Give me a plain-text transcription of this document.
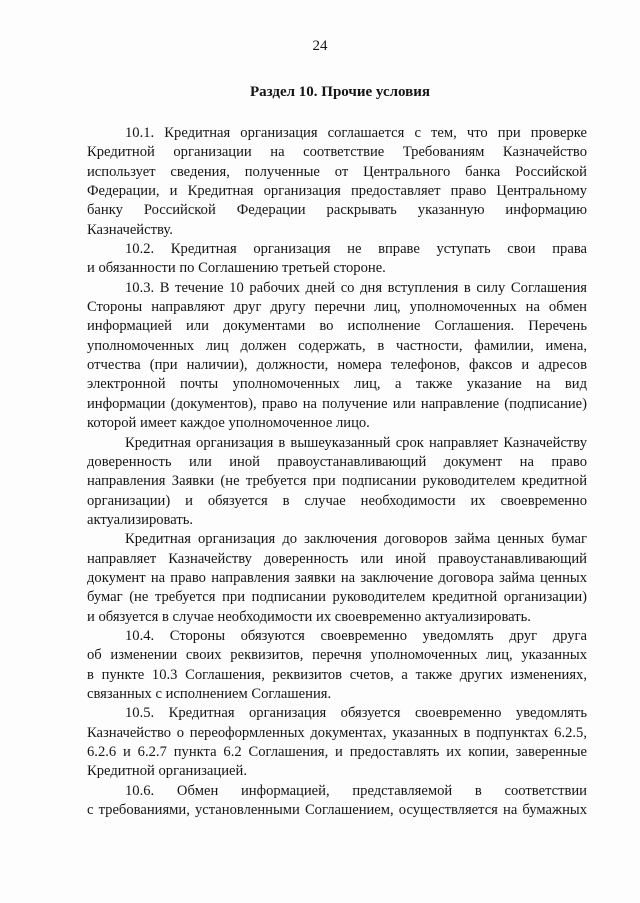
24
Раздел 10. Прочие условия
10.1. Кредитная организация соглашается с тем, что при проверке
Кредитной организации на соответствие Требованиям Казначейство
использует сведения, полученные от Центрального банка Российской
Федерации, и Кредитная организация предоставляет право Центральному
банку Российской Федерации раскрывать указанную информацию
Казначейству.
10.2. Кредитная организация не вправе уступать свои права
и обязанности по Соглашению третьей стороне.
10.3. В течение 10 рабочих дней со дня вступления в силу Соглашения
Стороны направляют друг другу перечни лиц, уполномоченных на обмен
информацией или документами во исполнение Соглашения. Перечень
уполномоченных лиц должен содержать, в частности, фамилии, имена,
отчества (при наличии), должности, номера телефонов, факсов и адресов
электронной почты уполномоченных лиц, а также указание на вид
информации (документов), право на получение или направление (подписание)
которой имеет каждое уполномоченное лицо.
Кредитная организация в вышеуказанный срок направляет Казначейству
доверенность или иной правоустанавливающий документ на право
направления Заявки (не требуется при подписании руководителем кредитной
организации) и обязуется в случае необходимости их своевременно
актуализировать.
Кредитная организация до заключения договоров займа ценных бумаг
направляет Казначейству доверенность или иной правоустанавливающий
документ на право направления заявки на заключение договора займа ценных
бумаг (не требуется при подписании руководителем кредитной организации)
и обязуется в случае необходимости их своевременно актуализировать.
10.4. Стороны обязуются своевременно уведомлять друг друга
об изменении своих реквизитов, перечня уполномоченных лиц, указанных
в пункте 10.3 Соглашения, реквизитов счетов, а также других изменениях,
связанных с исполнением Соглашения.
10.5. Кредитная организация обязуется своевременно уведомлять
Казначейство о переоформленных документах, указанных в подпунктах 6.2.5,
6.2.6 и 6.2.7 пункта 6.2 Соглашения, и предоставлять их копии, заверенные
Кредитной организацией.
10.6. Обмен информацией, представляемой в соответствии
с требованиями, установленными Соглашением, осуществляется на бумажных
